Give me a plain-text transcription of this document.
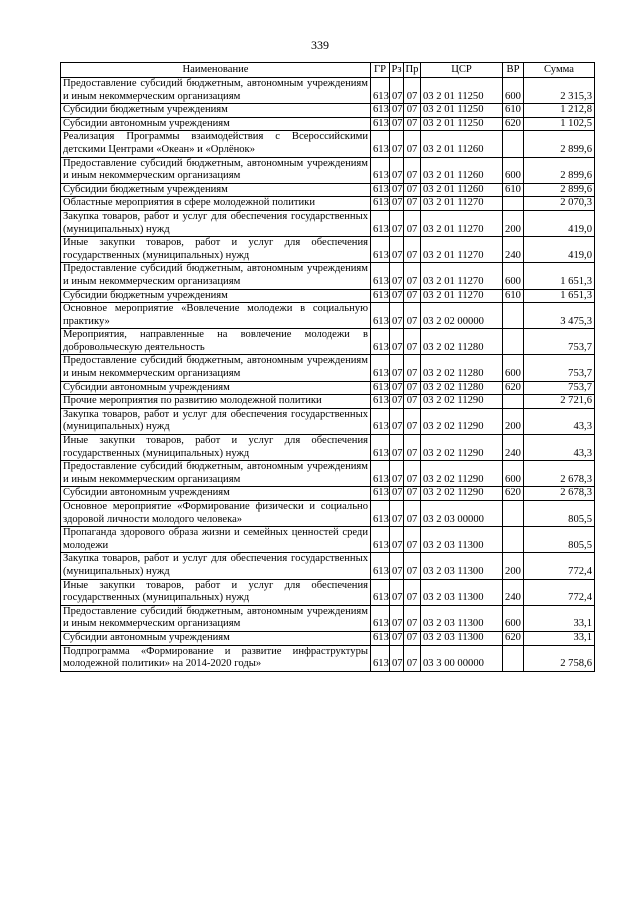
339
Наименование	ГР	Рз	Пр	ЦСР	ВР	Сумма
Предоставление субсидий бюджетным, автономным учреждениям и иным некоммерческим организациям	613	07	07	03 2 01 11250	600	2 315,3
Субсидии бюджетным учреждениям	613	07	07	03 2 01 11250	610	1 212,8
Субсидии автономным учреждениям	613	07	07	03 2 01 11250	620	1 102,5
Реализация Программы взаимодействия с Всероссийскими детскими Центрами «Океан» и «Орлёнок»	613	07	07	03 2 01 11260		2 899,6
Предоставление субсидий бюджетным, автономным учреждениям и иным некоммерческим организациям	613	07	07	03 2 01 11260	600	2 899,6
Субсидии бюджетным учреждениям	613	07	07	03 2 01 11260	610	2 899,6
Областные мероприятия в сфере молодежной политики	613	07	07	03 2 01 11270		2 070,3
Закупка товаров, работ и услуг для обеспечения государственных (муниципальных) нужд	613	07	07	03 2 01 11270	200	419,0
Иные закупки товаров, работ и услуг для обеспечения государственных (муниципальных) нужд	613	07	07	03 2 01 11270	240	419,0
Предоставление субсидий бюджетным, автономным учреждениям и иным некоммерческим организациям	613	07	07	03 2 01 11270	600	1 651,3
Субсидии бюджетным учреждениям	613	07	07	03 2 01 11270	610	1 651,3
Основное мероприятие «Вовлечение молодежи в социальную практику»	613	07	07	03 2 02 00000		3 475,3
Мероприятия, направленные на вовлечение молодежи в добровольческую деятельность	613	07	07	03 2 02 11280		753,7
Предоставление субсидий бюджетным, автономным учреждениям и иным некоммерческим организациям	613	07	07	03 2 02 11280	600	753,7
Субсидии автономным учреждениям	613	07	07	03 2 02 11280	620	753,7
Прочие мероприятия по развитию молодежной политики	613	07	07	03 2 02 11290		2 721,6
Закупка товаров, работ и услуг для обеспечения государственных (муниципальных) нужд	613	07	07	03 2 02 11290	200	43,3
Иные закупки товаров, работ и услуг для обеспечения государственных (муниципальных) нужд	613	07	07	03 2 02 11290	240	43,3
Предоставление субсидий бюджетным, автономным учреждениям и иным некоммерческим организациям	613	07	07	03 2 02 11290	600	2 678,3
Субсидии автономным учреждениям	613	07	07	03 2 02 11290	620	2 678,3
Основное мероприятие «Формирование физически и социально здоровой личности молодого человека»	613	07	07	03 2 03 00000		805,5
Пропаганда здорового образа жизни и семейных ценностей среди молодежи	613	07	07	03 2 03 11300		805,5
Закупка товаров, работ и услуг для обеспечения государственных (муниципальных) нужд	613	07	07	03 2 03 11300	200	772,4
Иные закупки товаров, работ и услуг для обеспечения государственных (муниципальных) нужд	613	07	07	03 2 03 11300	240	772,4
Предоставление субсидий бюджетным, автономным учреждениям и иным некоммерческим организациям	613	07	07	03 2 03 11300	600	33,1
Субсидии автономным учреждениям	613	07	07	03 2 03 11300	620	33,1
Подпрограмма «Формирование и развитие инфраструктуры молодежной политики» на 2014-2020 годы»	613	07	07	03 3 00 00000		2 758,6
